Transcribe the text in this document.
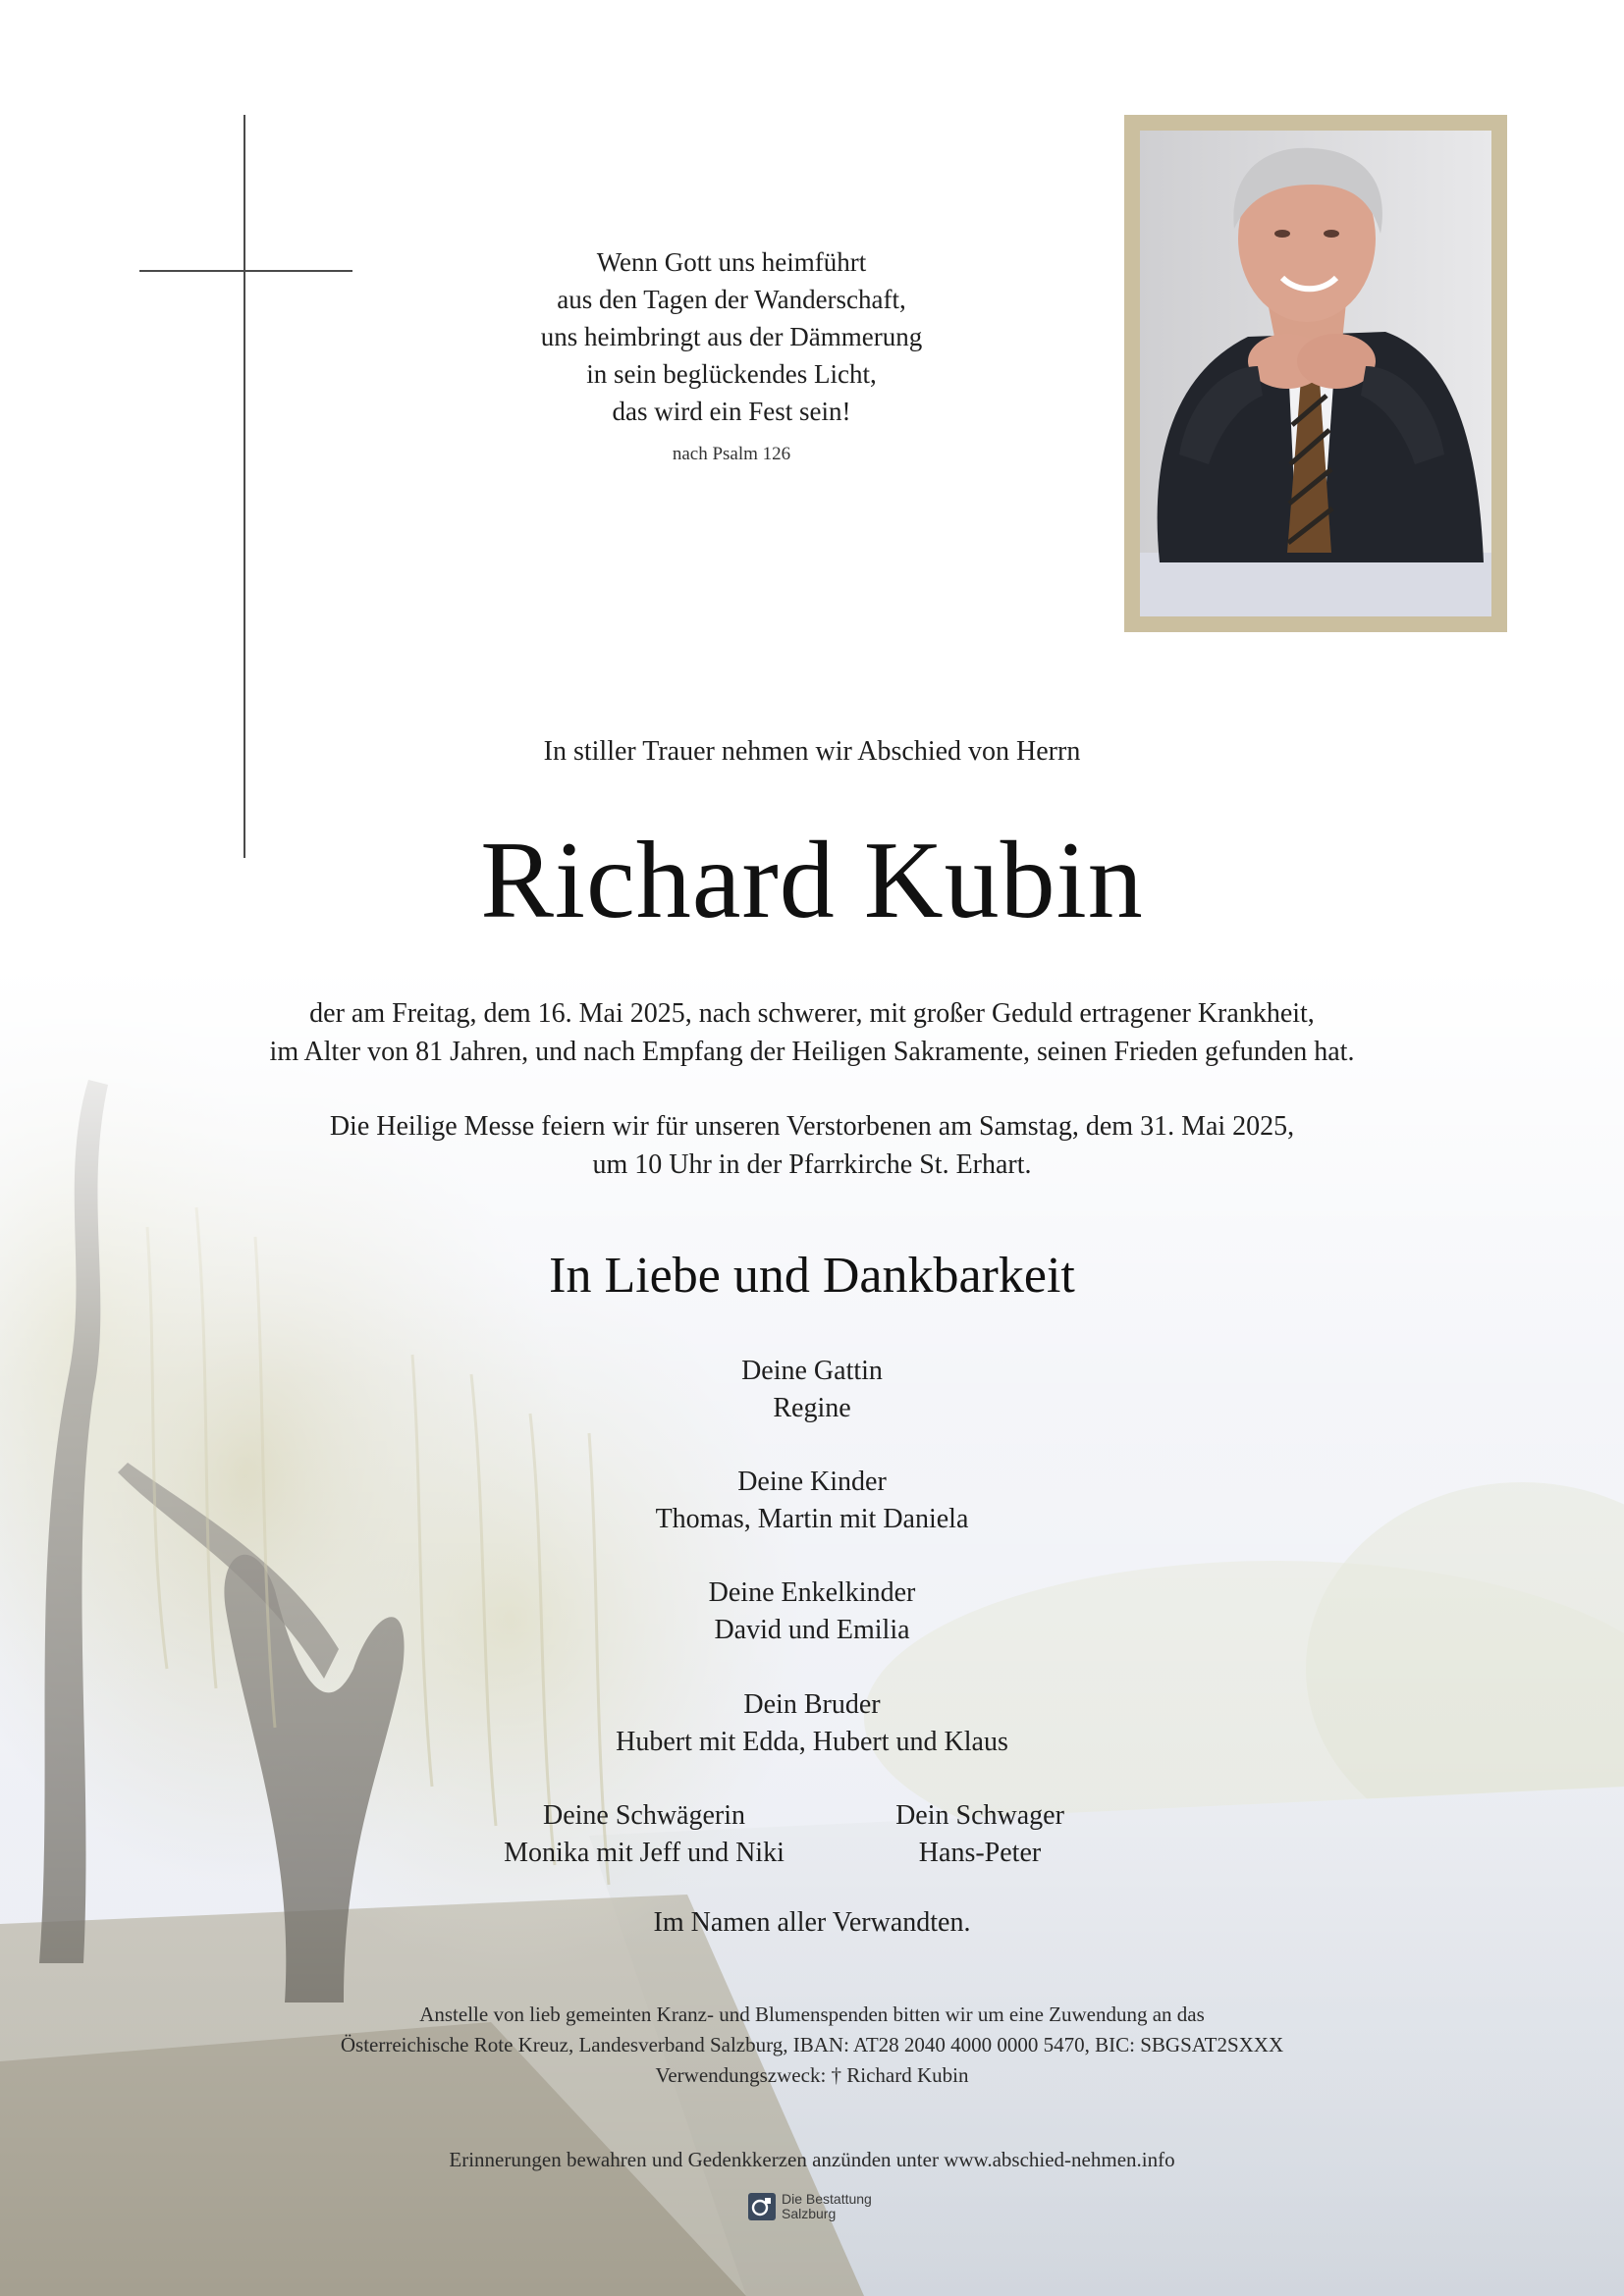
Wenn Gott uns heimführt
aus den Tagen der Wanderschaft,
uns heimbringt aus der Dämmerung
in sein beglückendes Licht,
das wird ein Fest sein!
nach Psalm 126
In stiller Trauer nehmen wir Abschied von Herrn
Richard Kubin
der am Freitag, dem 16. Mai 2025, nach schwerer, mit großer Geduld ertragener Krankheit,
im Alter von 81 Jahren, und nach Empfang der Heiligen Sakramente, seinen Frieden gefunden hat.
Die Heilige Messe feiern wir für unseren Verstorbenen am Samstag, dem 31. Mai 2025,
um 10 Uhr in der Pfarrkirche St. Erhart.
In Liebe und Dankbarkeit
Deine Gattin
Regine
Deine Kinder
Thomas, Martin mit Daniela
Deine Enkelkinder
David und Emilia
Dein Bruder
Hubert mit Edda, Hubert und Klaus
Deine Schwägerin
Monika mit Jeff und Niki
Dein Schwager
Hans-Peter
Im Namen aller Verwandten.
Anstelle von lieb gemeinten Kranz- und Blumenspenden bitten wir um eine Zuwendung an das
Österreichische Rote Kreuz, Landesverband Salzburg, IBAN: AT28 2040 4000 0000 5470, BIC: SBGSAT2SXXX
Verwendungszweck: † Richard Kubin
Erinnerungen bewahren und Gedenkkerzen anzünden unter www.abschied-nehmen.info
Die Bestattung
Salzburg
